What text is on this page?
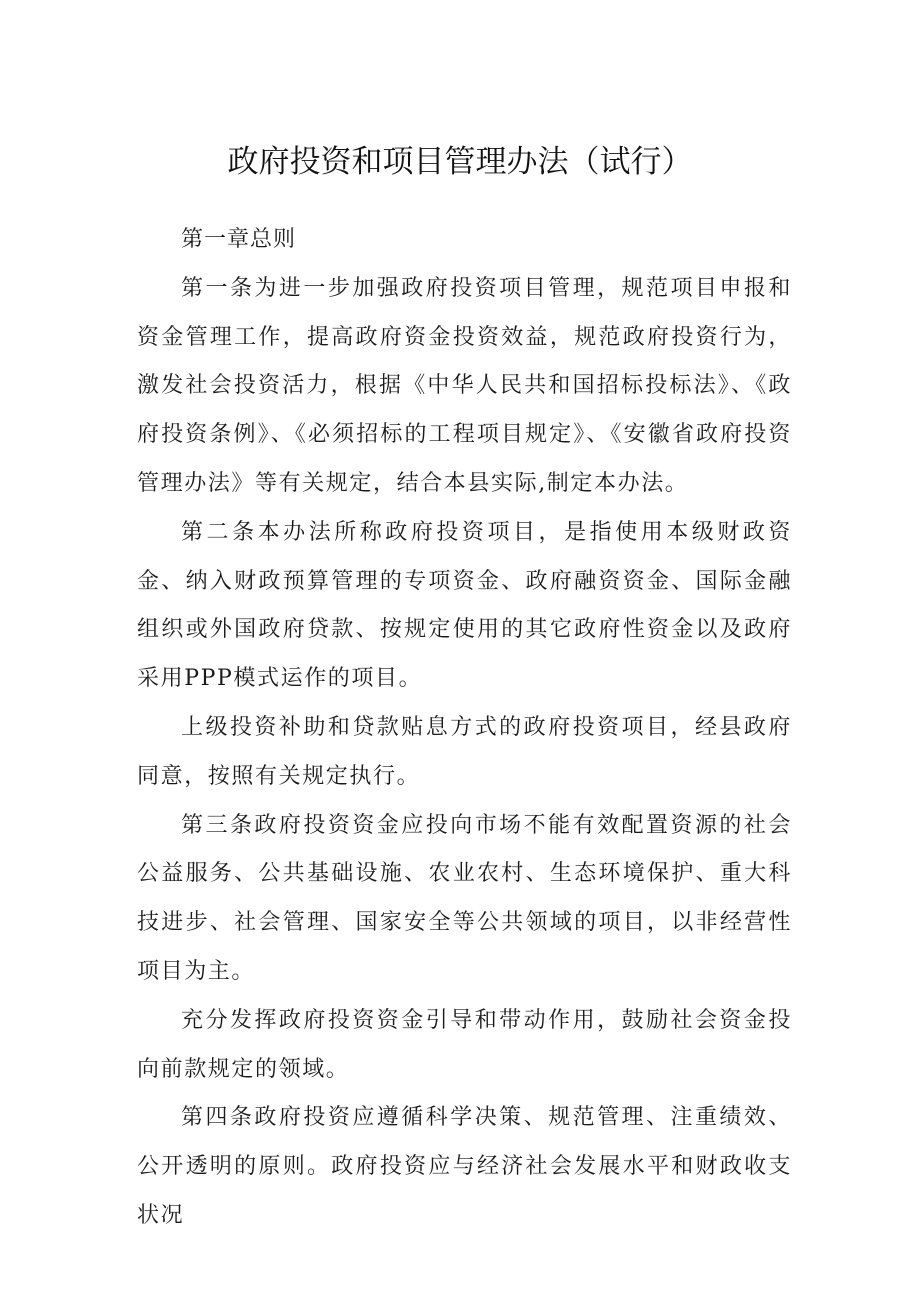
政府投资和项目管理办法（试行）

第一章总则

第一条为进一步加强政府投资项目管理，规范项目申报和资金管理工作，提高政府资金投资效益，规范政府投资行为，激发社会投资活力，根据《中华人民共和国招标投标法》、《政府投资条例》、《必须招标的工程项目规定》、《安徽省政府投资管理办法》等有关规定，结合本县实际,制定本办法。

第二条本办法所称政府投资项目，是指使用本级财政资金、纳入财政预算管理的专项资金、政府融资资金、国际金融组织或外国政府贷款、按规定使用的其它政府性资金以及政府采用PPP模式运作的项目。

上级投资补助和贷款贴息方式的政府投资项目，经县政府同意，按照有关规定执行。

第三条政府投资资金应投向市场不能有效配置资源的社会公益服务、公共基础设施、农业农村、生态环境保护、重大科技进步、社会管理、国家安全等公共领域的项目，以非经营性项目为主。

充分发挥政府投资资金引导和带动作用，鼓励社会资金投向前款规定的领域。

第四条政府投资应遵循科学决策、规范管理、注重绩效、公开透明的原则。政府投资应与经济社会发展水平和财政收支状况
